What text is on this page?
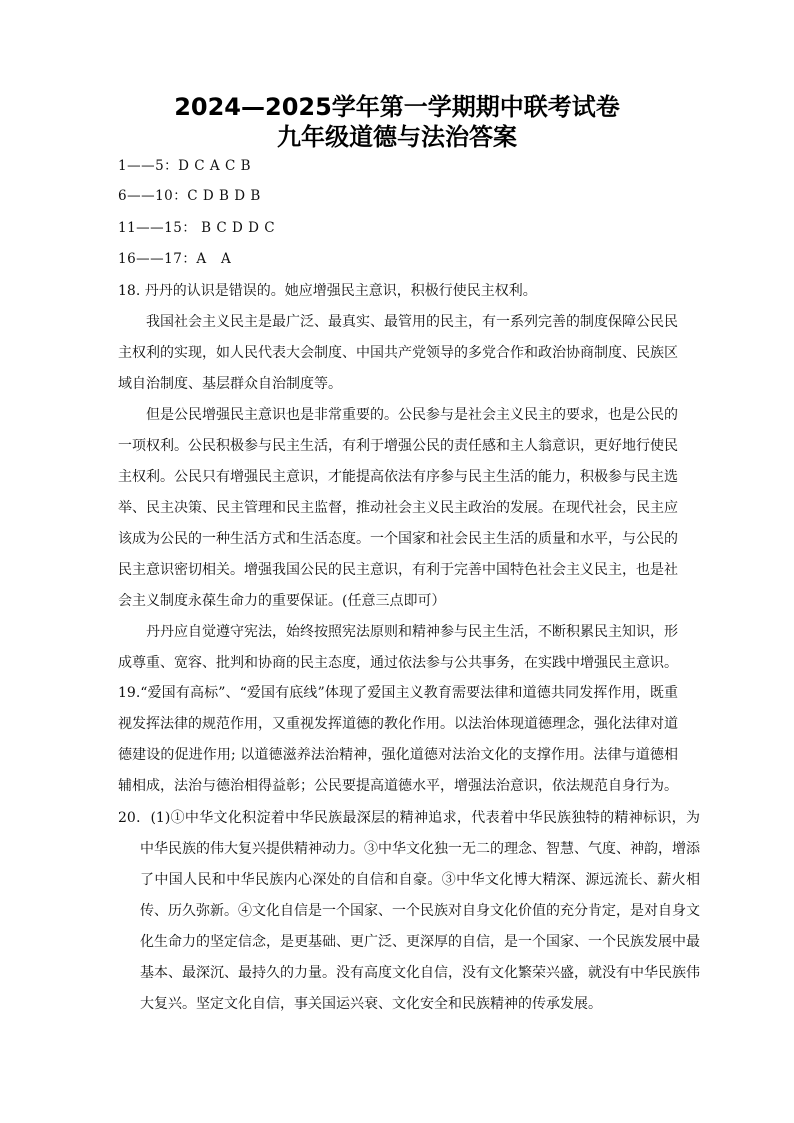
2024—2025学年第一学期期中联考试卷
九年级道德与法治答案
1——5：D C A C B
6——10：C D B D B
11——15： B C D D C
16——17：A   A
18. 丹丹的认识是错误的。她应增强民主意识，积极行使民主权利。
我国社会主义民主是最广泛、最真实、最管用的民主，有一系列完善的制度保障公民民主权利的实现，如人民代表大会制度、中国共产党领导的多党合作和政治协商制度、民族区域自治制度、基层群众自治制度等。
但是公民增强民主意识也是非常重要的。公民参与是社会主义民主的要求，也是公民的一项权利。公民积极参与民主生活，有利于增强公民的责任感和主人翁意识，更好地行使民主权利。公民只有增强民主意识，才能提高依法有序参与民主生活的能力，积极参与民主选举、民主决策、民主管理和民主监督，推动社会主义民主政治的发展。在现代社会，民主应该成为公民的一种生活方式和生活态度。一个国家和社会民主生活的质量和水平，与公民的民主意识密切相关。增强我国公民的民主意识，有利于完善中国特色社会主义民主，也是社会主义制度永葆生命力的重要保证。(任意三点即可）
丹丹应自觉遵守宪法，始终按照宪法原则和精神参与民主生活，不断积累民主知识，形成尊重、宽容、批判和协商的民主态度，通过依法参与公共事务，在实践中增强民主意识。
19.“爱国有高标”、“爱国有底线”体现了爱国主义教育需要法律和道德共同发挥作用，既重视发挥法律的规范作用，又重视发挥道德的教化作用。以法治体现道德理念，强化法律对道德建设的促进作用; 以道德滋养法治精神，强化道德对法治文化的支撑作用。法律与道德相辅相成，法治与德治相得益彰；公民要提高道德水平，增强法治意识，依法规范自身行为。
20．(1)①中华文化积淀着中华民族最深层的精神追求，代表着中华民族独特的精神标识，为中华民族的伟大复兴提供精神动力。③中华文化独一无二的理念、智慧、气度、神韵，增添了中国人民和中华民族内心深处的自信和自豪。③中华文化博大精深、源远流长、薪火相传、历久弥新。④文化自信是一个国家、一个民族对自身文化价值的充分肯定，是对自身文化生命力的坚定信念，是更基础、更广泛、更深厚的自信，是一个国家、一个民族发展中最基本、最深沉、最持久的力量。没有高度文化自信，没有文化繁荣兴盛，就没有中华民族伟大复兴。坚定文化自信，事关国运兴衰、文化安全和民族精神的传承发展。
